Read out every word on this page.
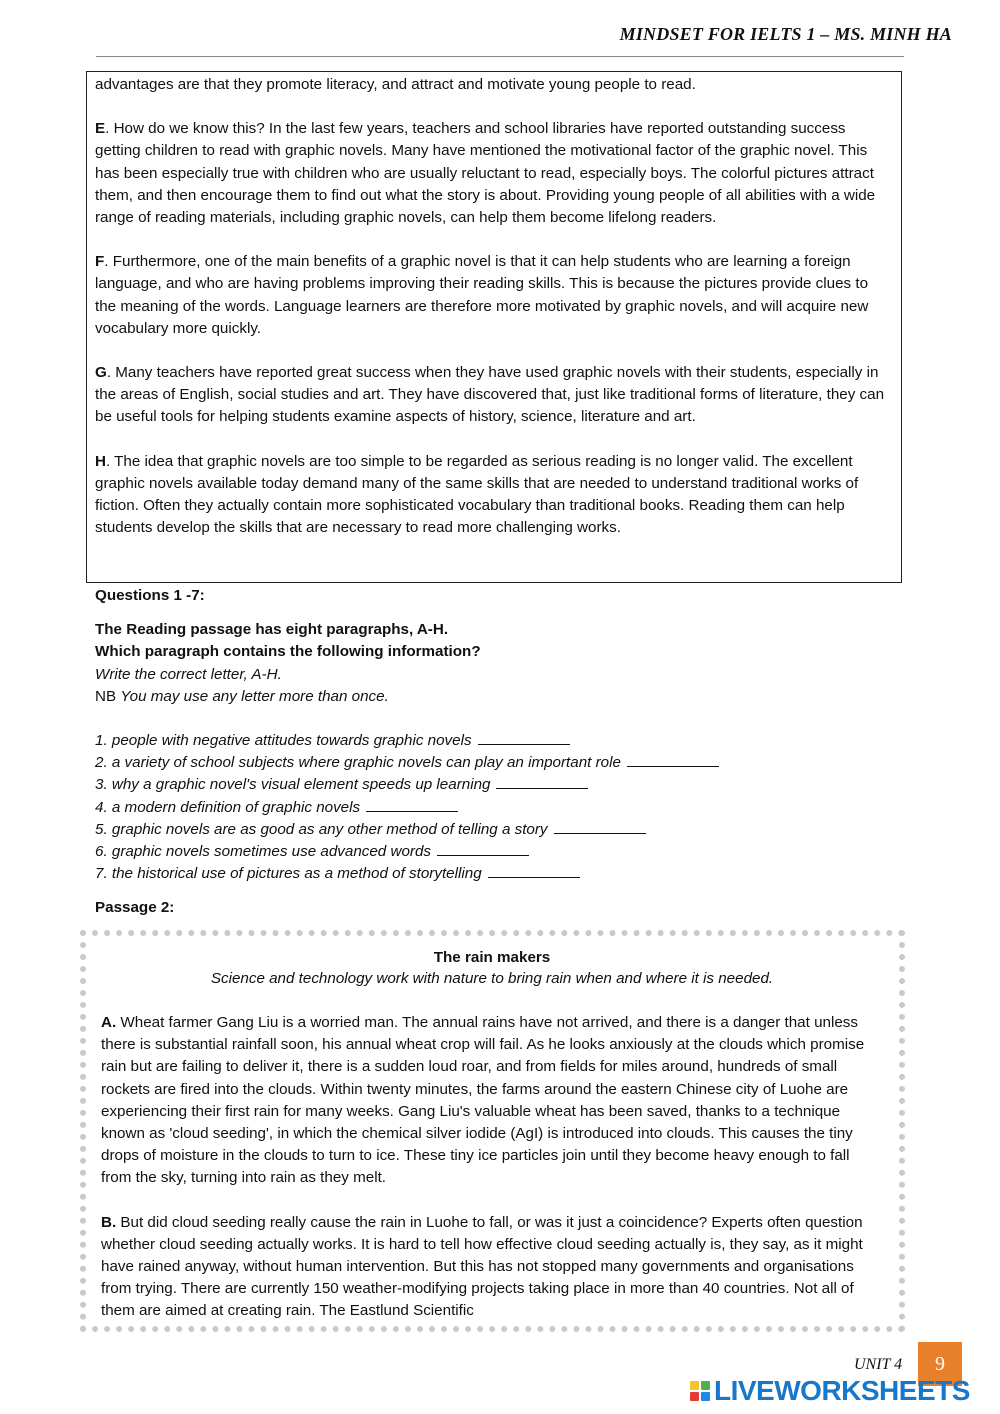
MINDSET FOR IELTS 1 – MS. MINH HA

advantages are that they promote literacy, and attract and motivate young people to read.

E. How do we know this? In the last few years, teachers and school libraries have reported outstanding success getting children to read with graphic novels. Many have mentioned the motivational factor of the graphic novel. This has been especially true with children who are usually reluctant to read, especially boys. The colorful pictures attract them, and then encourage them to find out what the story is about. Providing young people of all abilities with a wide range of reading materials, including graphic novels, can help them become lifelong readers.

F. Furthermore, one of the main benefits of a graphic novel is that it can help students who are learning a foreign language, and who are having problems improving their reading skills. This is because the pictures provide clues to the meaning of the words. Language learners are therefore more motivated by graphic novels, and will acquire new vocabulary more quickly.

G. Many teachers have reported great success when they have used graphic novels with their students, especially in the areas of English, social studies and art. They have discovered that, just like traditional forms of literature, they can be useful tools for helping students examine aspects of history, science, literature and art.

H. The idea that graphic novels are too simple to be regarded as serious reading is no longer valid. The excellent graphic novels available today demand many of the same skills that are needed to understand traditional works of fiction. Often they actually contain more sophisticated vocabulary than traditional books. Reading them can help students develop the skills that are necessary to read more challenging works.

Questions 1 -7:

The Reading passage has eight paragraphs, A-H.

Which paragraph contains the following information?

Write the correct letter, A-H.

NB You may use any letter more than once.

1. people with negative attitudes towards graphic novels
2. a variety of school subjects where graphic novels can play an important role
3. why a graphic novel's visual element speeds up learning
4. a modern definition of graphic novels
5. graphic novels are as good as any other method of telling a story
6. graphic novels sometimes use advanced words
7. the historical use of pictures as a method of storytelling
Passage 2:

The rain makers

Science and technology work with nature to bring rain when and where it is needed.

A. Wheat farmer Gang Liu is a worried man. The annual rains have not arrived, and there is a danger that unless there is substantial rainfall soon, his annual wheat crop will fail. As he looks anxiously at the clouds which promise rain but are failing to deliver it, there is a sudden loud roar, and from fields for miles around, hundreds of small rockets are fired into the clouds. Within twenty minutes, the farms around the eastern Chinese city of Luohe are experiencing their first rain for many weeks. Gang Liu's valuable wheat has been saved, thanks to a technique known as 'cloud seeding', in which the chemical silver iodide (AgI) is introduced into clouds. This causes the tiny drops of moisture in the clouds to turn to ice. These tiny ice particles join until they become heavy enough to fall from the sky, turning into rain as they melt.

B. But did cloud seeding really cause the rain in Luohe to fall, or was it just a coincidence? Experts often question whether cloud seeding actually works. It is hard to tell how effective cloud seeding actually is, they say, as it might have rained anyway, without human intervention. But this has not stopped many governments and organisations from trying. There are currently 150 weather-modifying projects taking place in more than 40 countries. Not all of them are aimed at creating rain. The Eastlund Scientific

UNIT 4	9
LIVEWORKSHEETS
